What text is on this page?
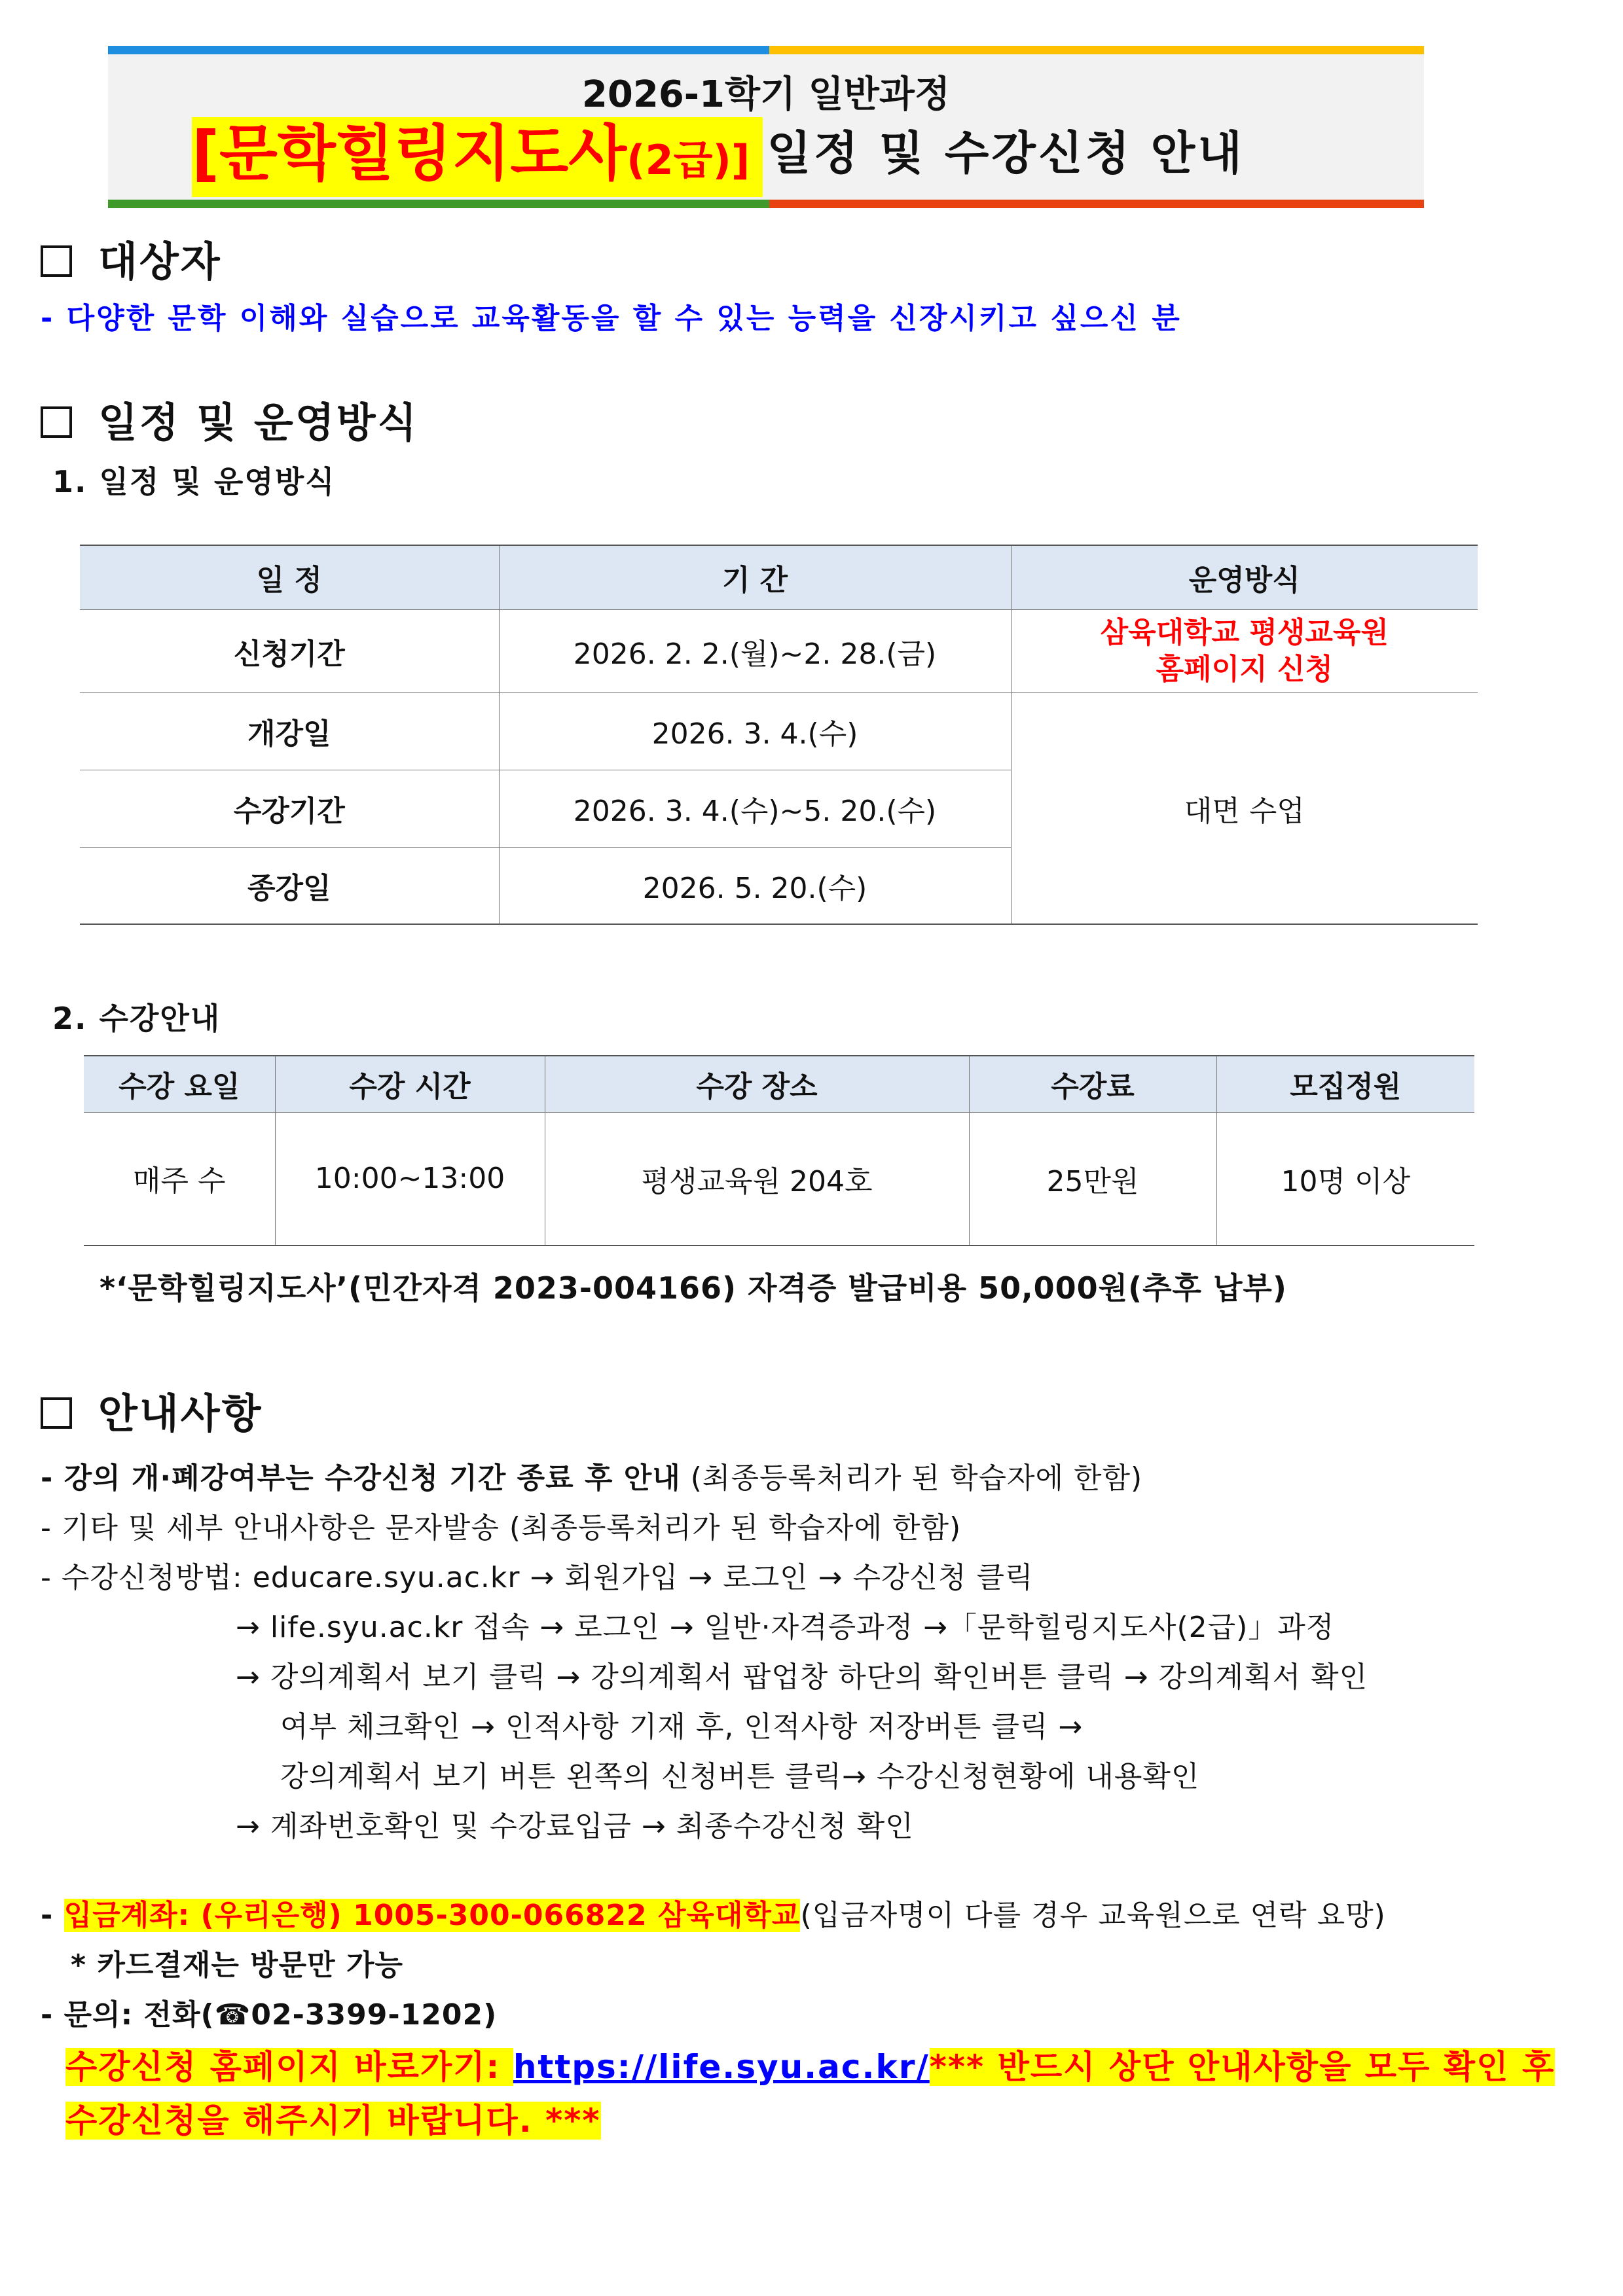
2026-1학기 일반과정
[문학힐링지도사(2급)] 일정 및 수강신청 안내
대상자
- 다양한 문학 이해와 실습으로 교육활동을 할 수 있는 능력을 신장시키고 싶으신 분
일정 및 운영방식
1. 일정 및 운영방식
일 정	기 간	운영방식
신청기간	2026. 2. 2.(월)~2. 28.(금)	삼육대학교 평생교육원
홈페이지 신청

개강일	2026. 3. 4.(수)	대면 수업
수강기간	2026. 3. 4.(수)~5. 20.(수)	
종강일	2026. 5. 20.(수)	
2. 수강안내
수강 요일	수강 시간	수강 장소	수강료	모집정원
매주 수	10:00~13:00	평생교육원 204호	25만원	10명 이상
*‘문학힐링지도사’(민간자격 2023-004166) 자격증 발급비용 50,000원(추후 납부)
안내사항
- 강의 개·폐강여부는 수강신청 기간 종료 후 안내 (최종등록처리가 된 학습자에 한함)
- 기타 및 세부 안내사항은 문자발송 (최종등록처리가 된 학습자에 한함)
- 수강신청방법: educare.syu.ac.kr → 회원가입 → 로그인 → 수강신청 클릭
→ life.syu.ac.kr 접속 → 로그인 → 일반·자격증과정 →「문학힐링지도사(2급)」과정
→ 강의계획서 보기 클릭 → 강의계획서 팝업창 하단의 확인버튼 클릭 → 강의계획서 확인
여부 체크확인 → 인적사항 기재 후, 인적사항 저장버튼 클릭 →
강의계획서 보기 버튼 왼쪽의 신청버튼 클릭→ 수강신청현황에 내용확인
→ 계좌번호확인 및 수강료입금 → 최종수강신청 확인
- 입금계좌: (우리은행) 1005-300-066822 삼육대학교(입금자명이 다를 경우 교육원으로 연락 요망)
* 카드결재는 방문만 가능
- 문의: 전화(☎02-3399-1202)
수강신청 홈페이지 바로가기: https://life.syu.ac.kr/*** 반드시 상단 안내사항을 모두 확인 후
수강신청을 해주시기 바랍니다. ***
